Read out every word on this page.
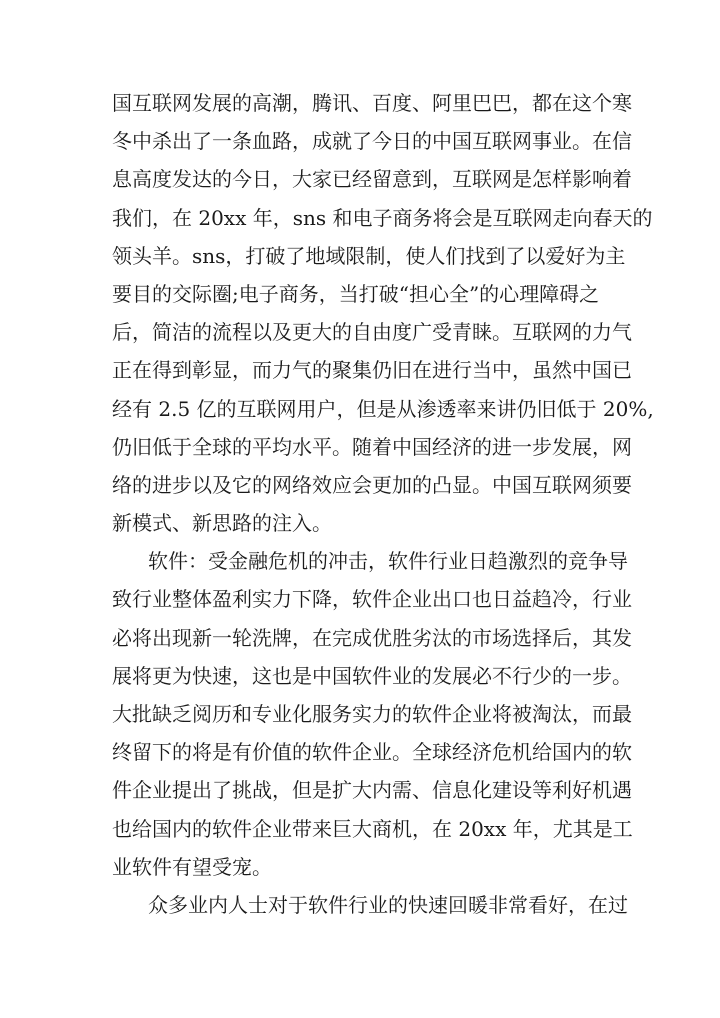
国互联网发展的高潮，腾讯、百度、阿里巴巴，都在这个寒
冬中杀出了一条血路，成就了今日的中国互联网事业。在信
息高度发达的今日，大家已经留意到，互联网是怎样影响着
我们，在 20xx 年，sns 和电子商务将会是互联网走向春天的
领头羊。sns，打破了地域限制，使人们找到了以爱好为主
要目的交际圈;电子商务，当打破“担心全”的心理障碍之
后，简洁的流程以及更大的自由度广受青睐。互联网的力气
正在得到彰显，而力气的聚集仍旧在进行当中，虽然中国已
经有 2.5 亿的互联网用户，但是从渗透率来讲仍旧低于 20%,
仍旧低于全球的平均水平。随着中国经济的进一步发展，网
络的进步以及它的网络效应会更加的凸显。中国互联网须要
新模式、新思路的注入。
软件：受金融危机的冲击，软件行业日趋激烈的竞争导
致行业整体盈利实力下降，软件企业出口也日益趋冷，行业
必将出现新一轮洗牌，在完成优胜劣汰的市场选择后，其发
展将更为快速，这也是中国软件业的发展必不行少的一步。
大批缺乏阅历和专业化服务实力的软件企业将被淘汰，而最
终留下的将是有价值的软件企业。全球经济危机给国内的软
件企业提出了挑战，但是扩大内需、信息化建设等利好机遇
也给国内的软件企业带来巨大商机，在 20xx 年，尤其是工
业软件有望受宠。
众多业内人士对于软件行业的快速回暖非常看好，在过
